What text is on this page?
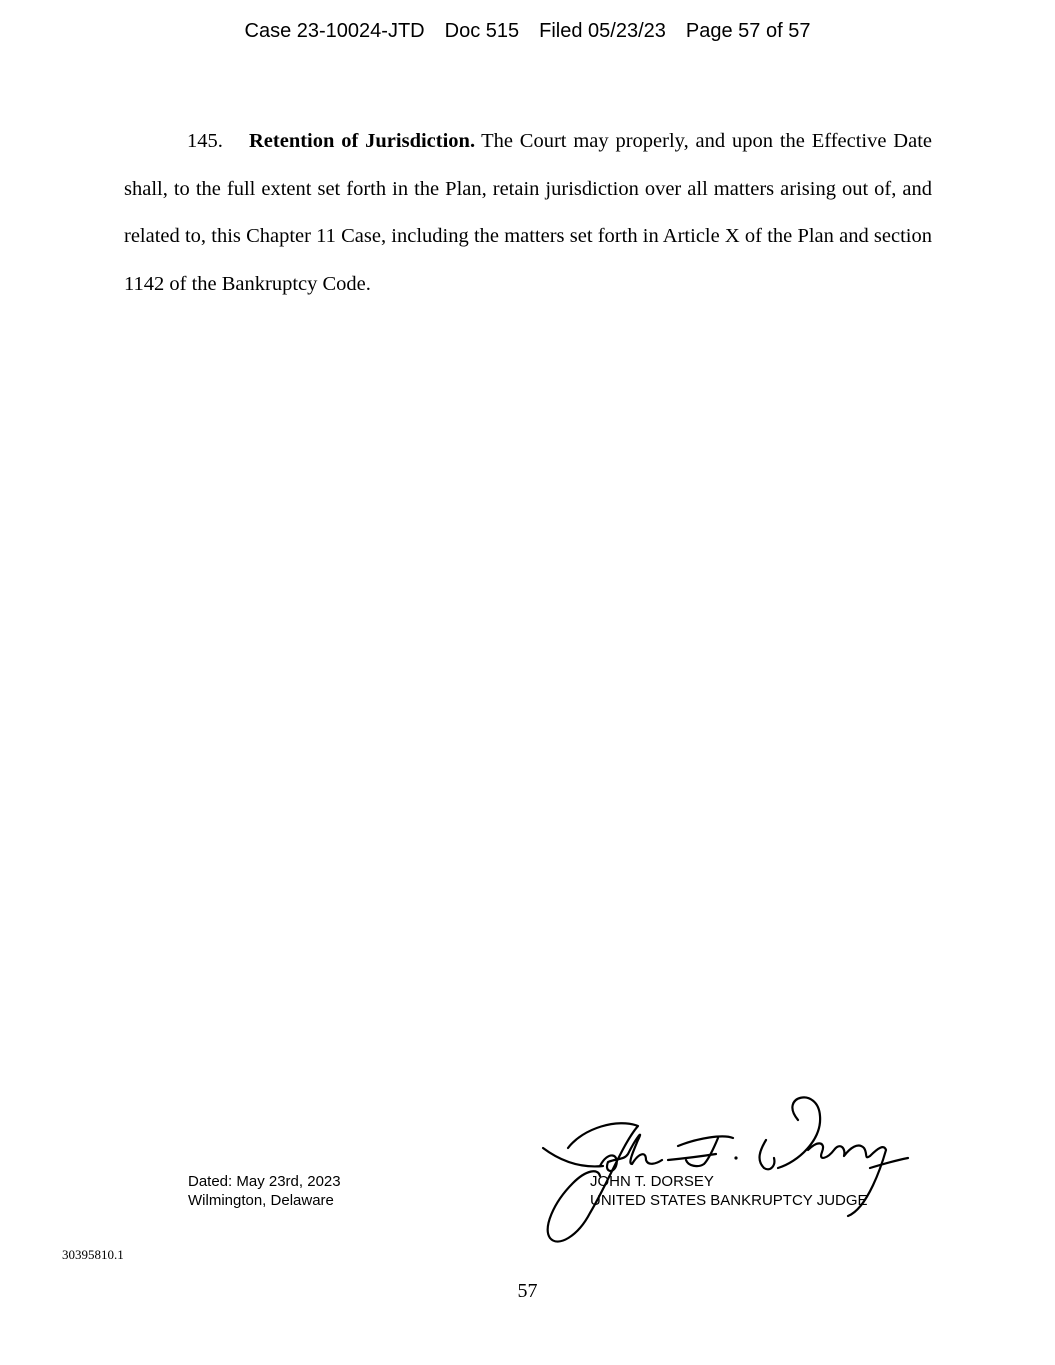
Case 23-10024-JTD Doc 515 Filed 05/23/23 Page 57 of 57
145. Retention of Jurisdiction. The Court may properly, and upon the Effective Date shall, to the full extent set forth in the Plan, retain jurisdiction over all matters arising out of, and related to, this Chapter 11 Case, including the matters set forth in Article X of the Plan and section 1142 of the Bankruptcy Code.
Dated: May 23rd, 2023
Wilmington, Delaware
JOHN T. DORSEY
UNITED STATES BANKRUPTCY JUDGE
30395810.1
57
